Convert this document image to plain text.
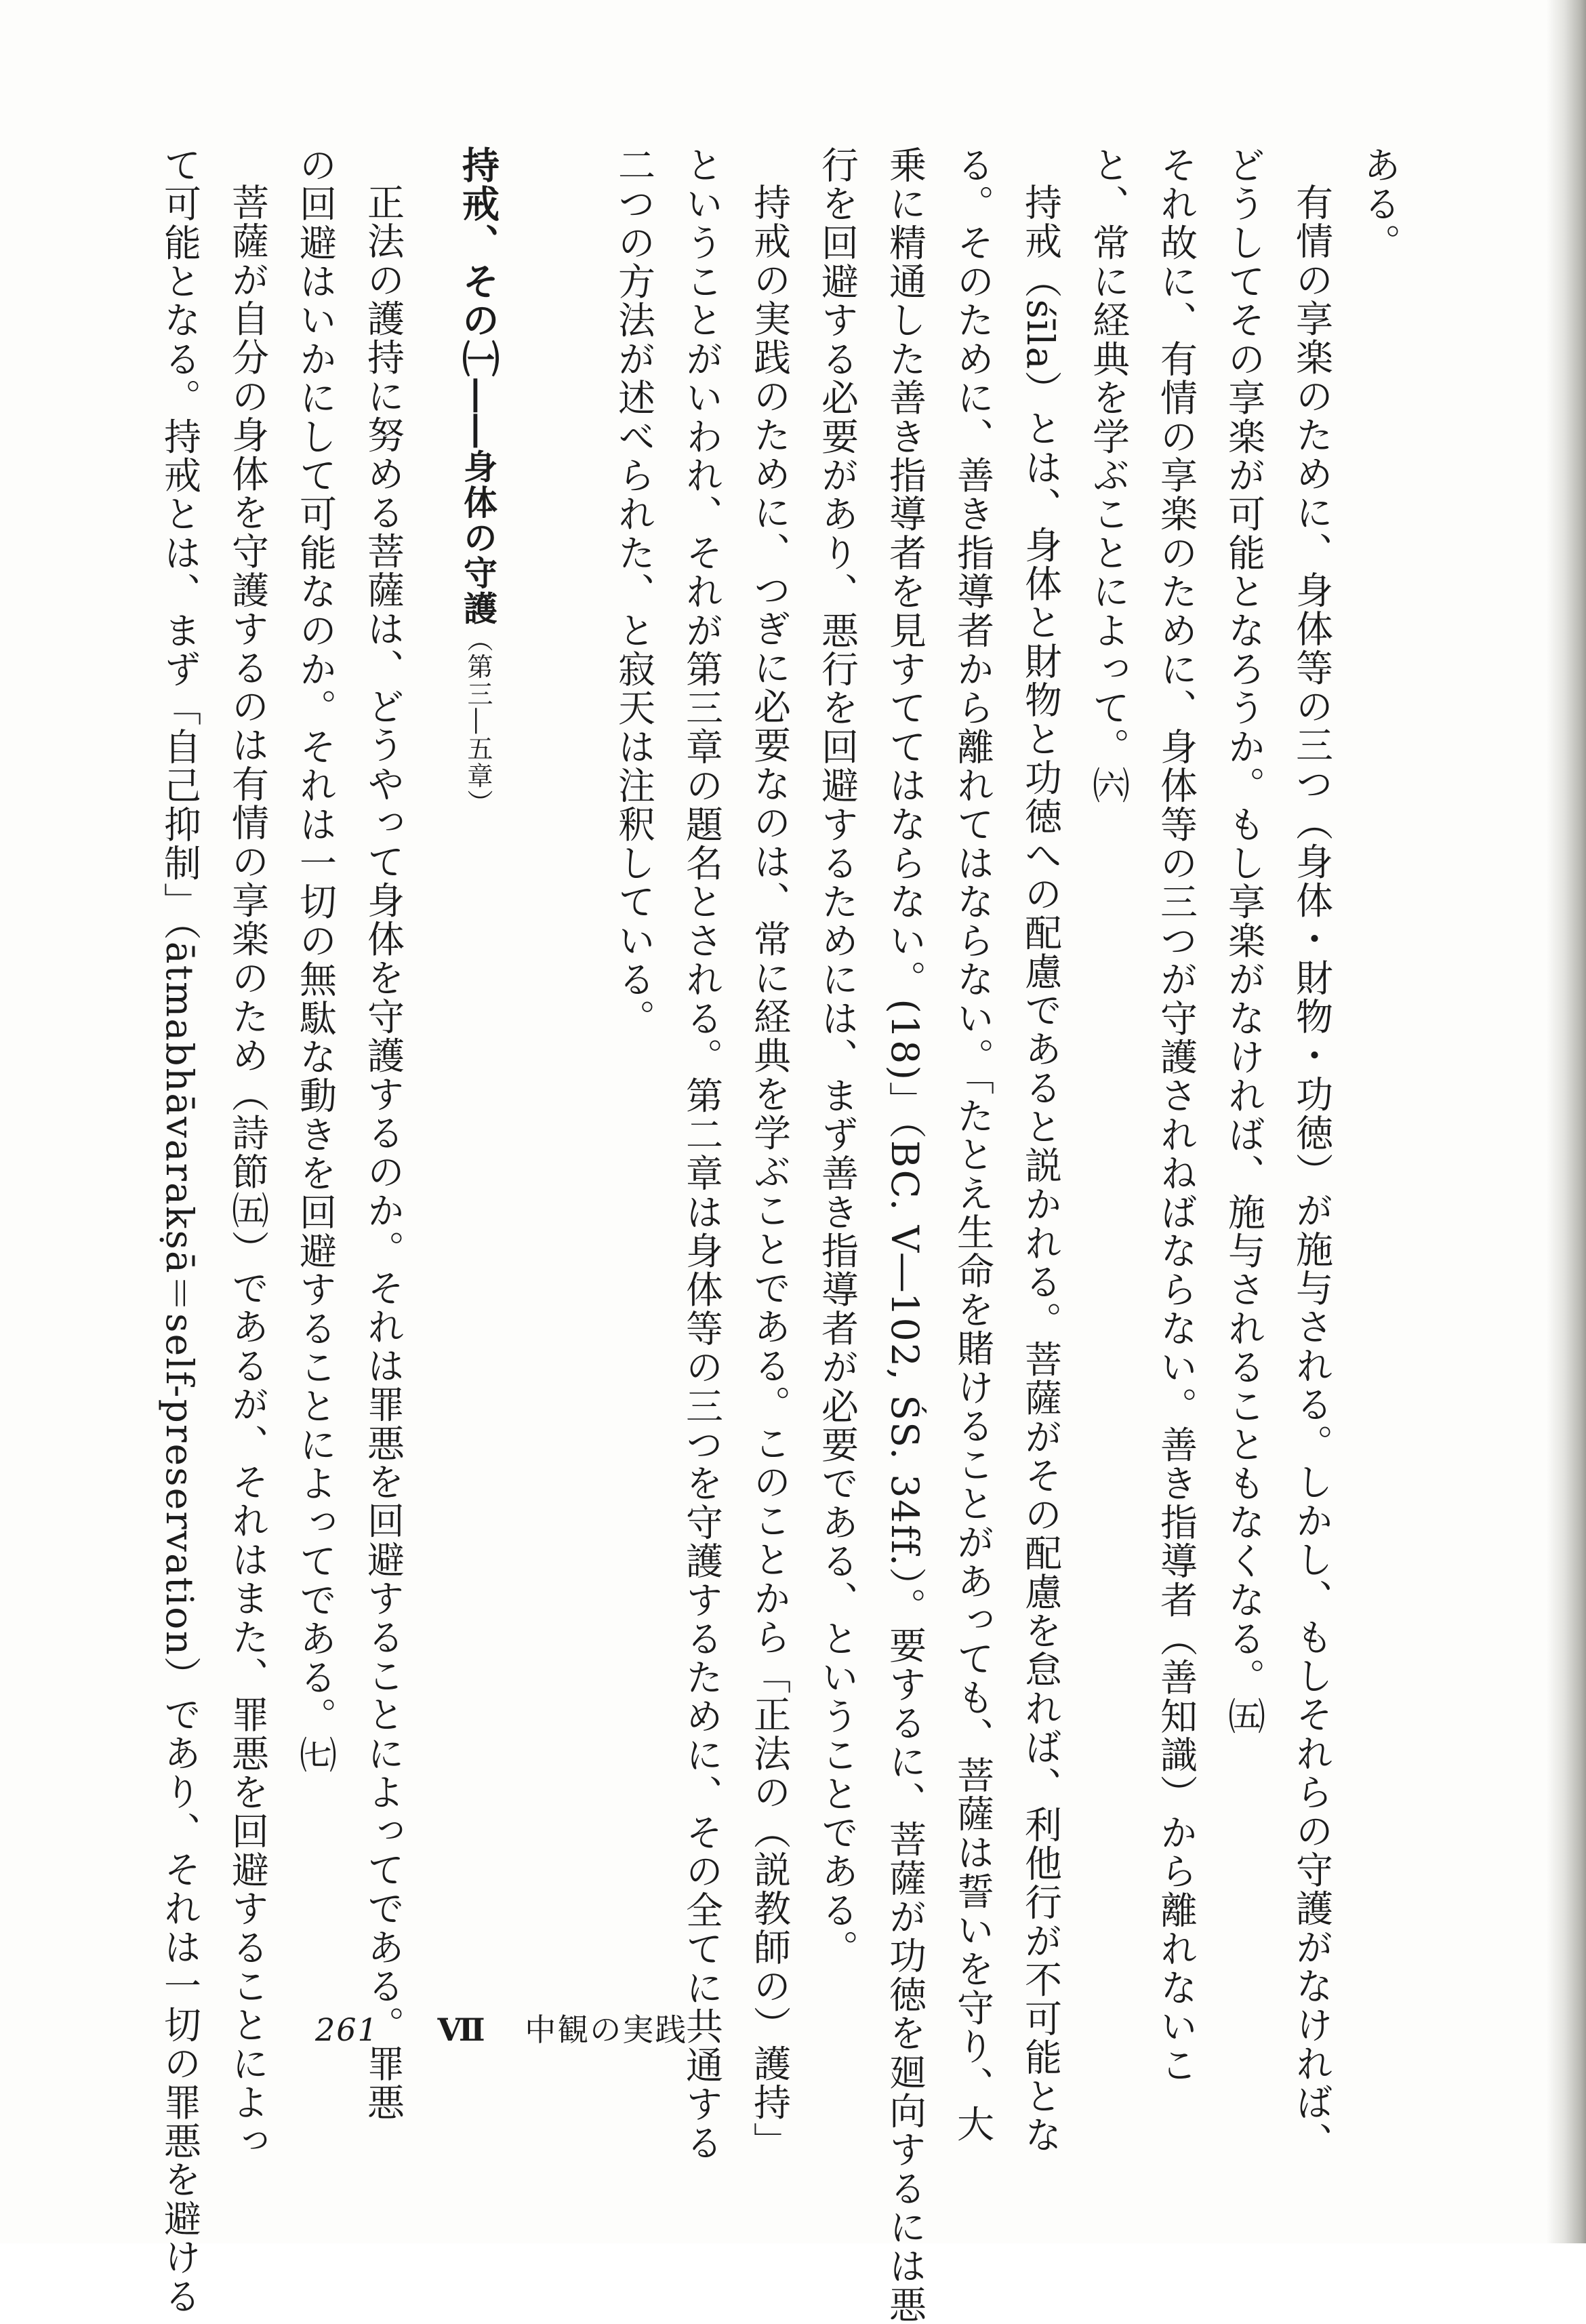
ある。
有情の享楽のために、身体等の三つ（身体・財物・功徳）が施与される。しかし、もしそれらの守護がなければ、
どうしてその享楽が可能となろうか。もし享楽がなければ、施与されることもなくなる。㈤
それ故に、有情の享楽のために、身体等の三つが守護されねばならない。善き指導者（善知識）から離れないこ
と、常に経典を学ぶことによって。㈥
持戒（śīla）とは、身体と財物と功徳への配慮であると説かれる。菩薩がその配慮を怠れば、利他行が不可能とな
る。そのために、善き指導者から離れてはならない。「たとえ生命を賭けることがあっても、菩薩は誓いを守り、大
乗に精通した善き指導者を見すててはならない。(18)」（BC. V―102, ŚS. 34ff.）。要するに、菩薩が功徳を廻向するには悪
行を回避する必要があり、悪行を回避するためには、まず善き指導者が必要である、ということである。
持戒の実践のために、つぎに必要なのは、常に経典を学ぶことである。このことから「正法の（説教師の）護持」
ということがいわれ、それが第三章の題名とされる。第二章は身体等の三つを守護するために、その全てに共通する
二つの方法が述べられた、と寂天は注釈している。
持戒、その㈠――身体の守護（第三―五章）
正法の護持に努める菩薩は、どうやって身体を守護するのか。それは罪悪を回避することによってである。罪悪
の回避はいかにして可能なのか。それは一切の無駄な動きを回避することによってである。㈦
菩薩が自分の身体を守護するのは有情の享楽のため（詩節㈤）であるが、それはまた、罪悪を回避することによっ
て可能となる。持戒とは、まず「自己抑制」（ātmabhāvarakṣā＝self-preservation）であり、それは一切の罪悪を避ける	261 Ⅶ 中観の実践
